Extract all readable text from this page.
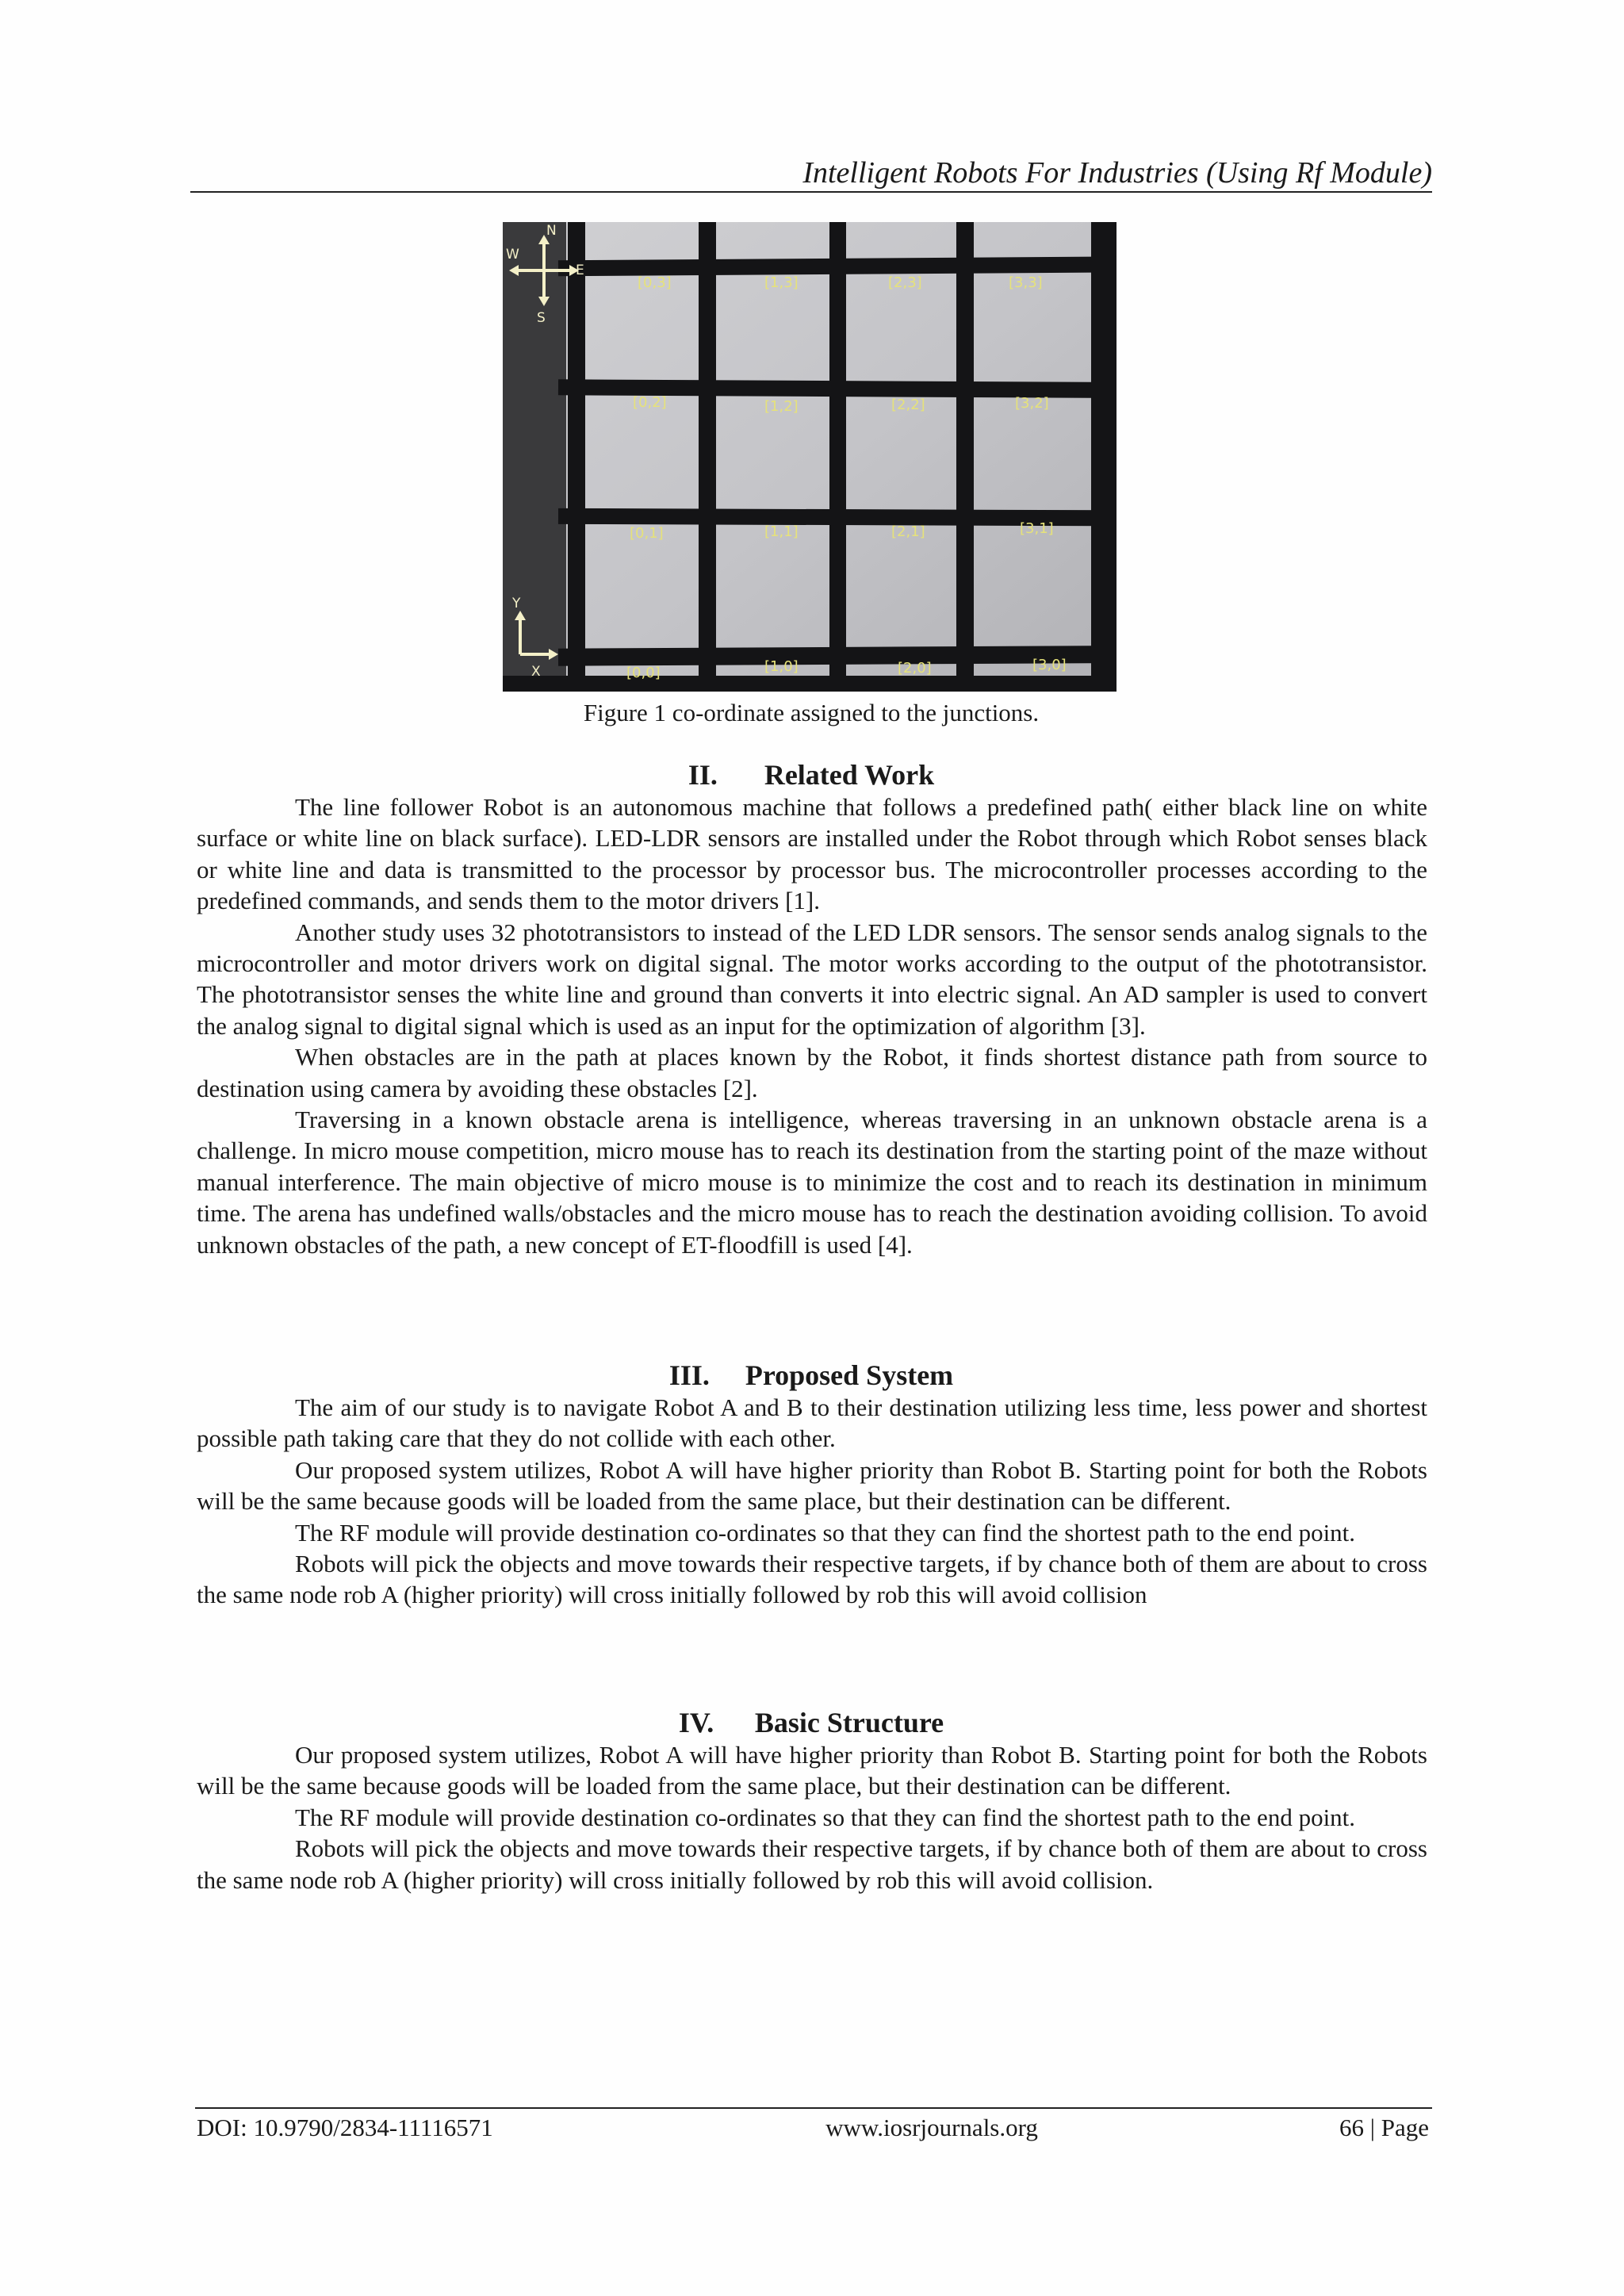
Intelligent Robots For Industries (Using Rf Module)
N
W
E
S
Y
X
[0,3]	[1,3]	[2,3]	[3,3]
[0,2]	[1,2]	[2,2]	[3,2]
[0,1]	[1,1]	[2,1]	[3,1]
[0,0]	[1,0]	[2,0]	[3,0]
Figure 1 co-ordinate assigned to the junctions.
II. Related Work

The line follower Robot is an autonomous machine that follows a predefined path( either black line on white surface or white line on black surface). LED-LDR sensors are installed under the Robot through which Robot senses black or white line and data is transmitted to the processor by processor bus. The microcontroller processes according to the predefined commands, and sends them to the motor drivers [1].

Another study uses 32 phototransistors to instead of the LED LDR sensors. The sensor sends analog signals to the microcontroller and motor drivers work on digital signal. The motor works according to the output of the phototransistor. The phototransistor senses the white line and ground than converts it into electric signal. An AD sampler is used to convert the analog signal to digital signal which is used as an input for the optimization of algorithm [3].

When obstacles are in the path at places known by the Robot, it finds shortest distance path from source to destination using camera by avoiding these obstacles [2].

Traversing in a known obstacle arena is intelligence, whereas traversing in an unknown obstacle arena is a challenge. In micro mouse competition, micro mouse has to reach its destination from the starting point of the maze without manual interference. The main objective of micro mouse is to minimize the cost and to reach its destination in minimum time. The arena has undefined walls/obstacles and the micro mouse has to reach the destination avoiding collision. To avoid unknown obstacles of the path, a new concept of ET-floodfill is used [4].

III. Proposed System

The aim of our study is to navigate Robot A and B to their destination utilizing less time, less power and shortest possible path taking care that they do not collide with each other.

Our proposed system utilizes, Robot A will have higher priority than Robot B. Starting point for both the Robots will be the same because goods will be loaded from the same place, but their destination can be different.

The RF module will provide destination co-ordinates so that they can find the shortest path to the end point.

Robots will pick the objects and move towards their respective targets, if by chance both of them are about to cross the same node rob A (higher priority) will cross initially followed by rob this will avoid collision

IV. Basic Structure

Our proposed system utilizes, Robot A will have higher priority than Robot B. Starting point for both the Robots will be the same because goods will be loaded from the same place, but their destination can be different.

The RF module will provide destination co-ordinates so that they can find the shortest path to the end point.

Robots will pick the objects and move towards their respective targets, if by chance both of them are about to cross the same node rob A (higher priority) will cross initially followed by rob this will avoid collision.

DOI: 10.9790/2834-11116571	www.iosrjournals.org	66 | Page
